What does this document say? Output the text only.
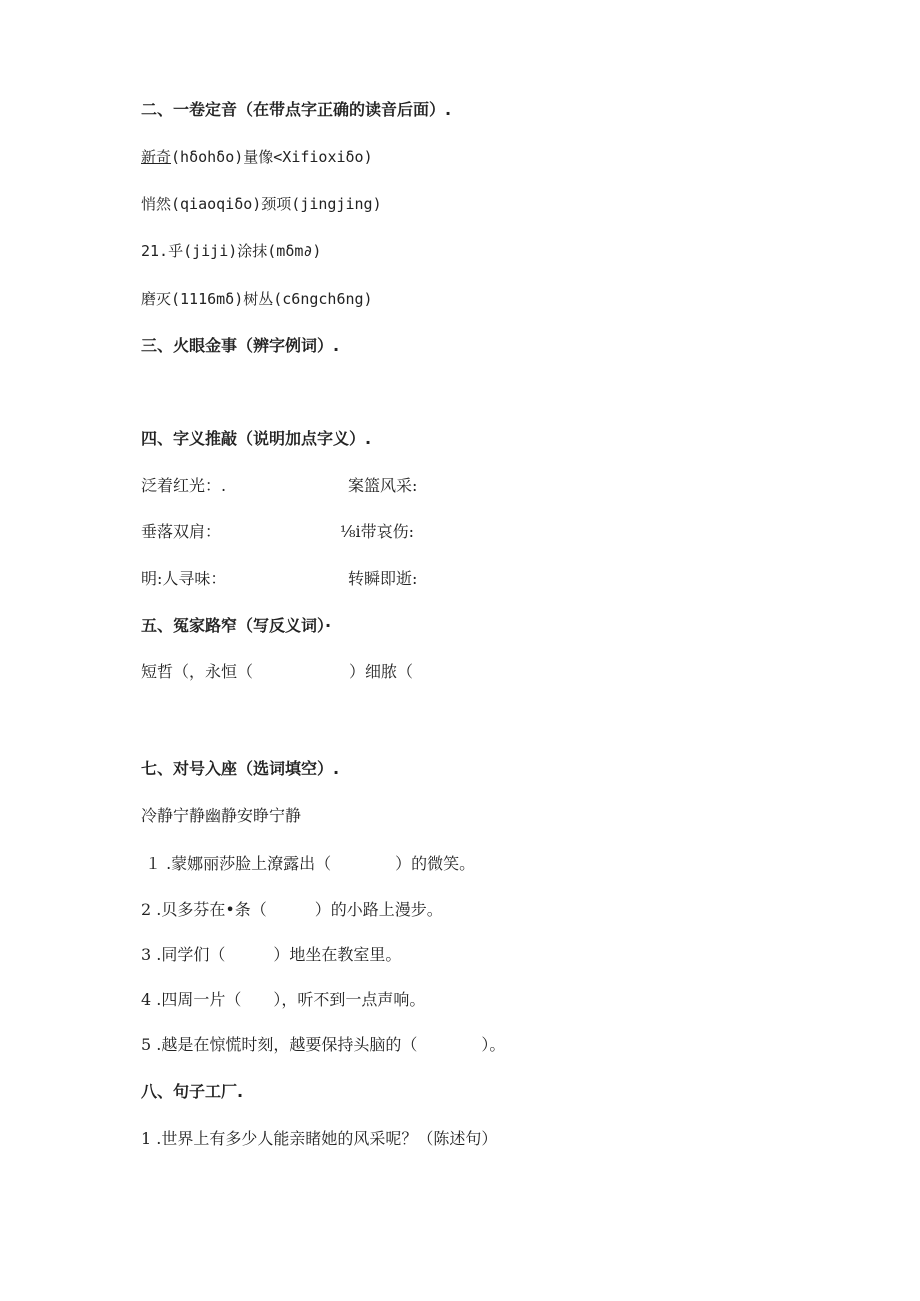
二、一卷定音（在带点字正确的读音后面）.
新奇(hδohδo)量像<Xifioxiδo)
悄然(qiaoqiδo)颈项(jingjing)
21.乎(jiji)涂抹(mδm∂)
磨灭(1116mδ)树丛(c6ngch6ng)
三、火眼金事（辨字例词）.
四、字义推敲（说明加点字义）.
泛着红光：.	案篮风采:
垂落双肩：	⅛i带哀伤:
明:人寻味：	转瞬即逝:
五、冤家路窄（写反义词）·
短哲（，永恒（　　　　　　）细脓（
七、对号入座（选词填空）.
冷静宁静幽静安睁宁静
１ .蒙娜丽莎脸上潦露出（　　　　）的微笑。
2 .贝多芬在•条（　　　）的小路上漫步。
3 .同学们（　　　）地坐在教室里。
4 .四周一片（　　），听不到一点声响。
5 .越是在惊慌时刻，越要保持头脑的（　　　　）。
八、句子工厂.
1 .世界上有多少人能亲睹她的风采呢？（陈述句）
